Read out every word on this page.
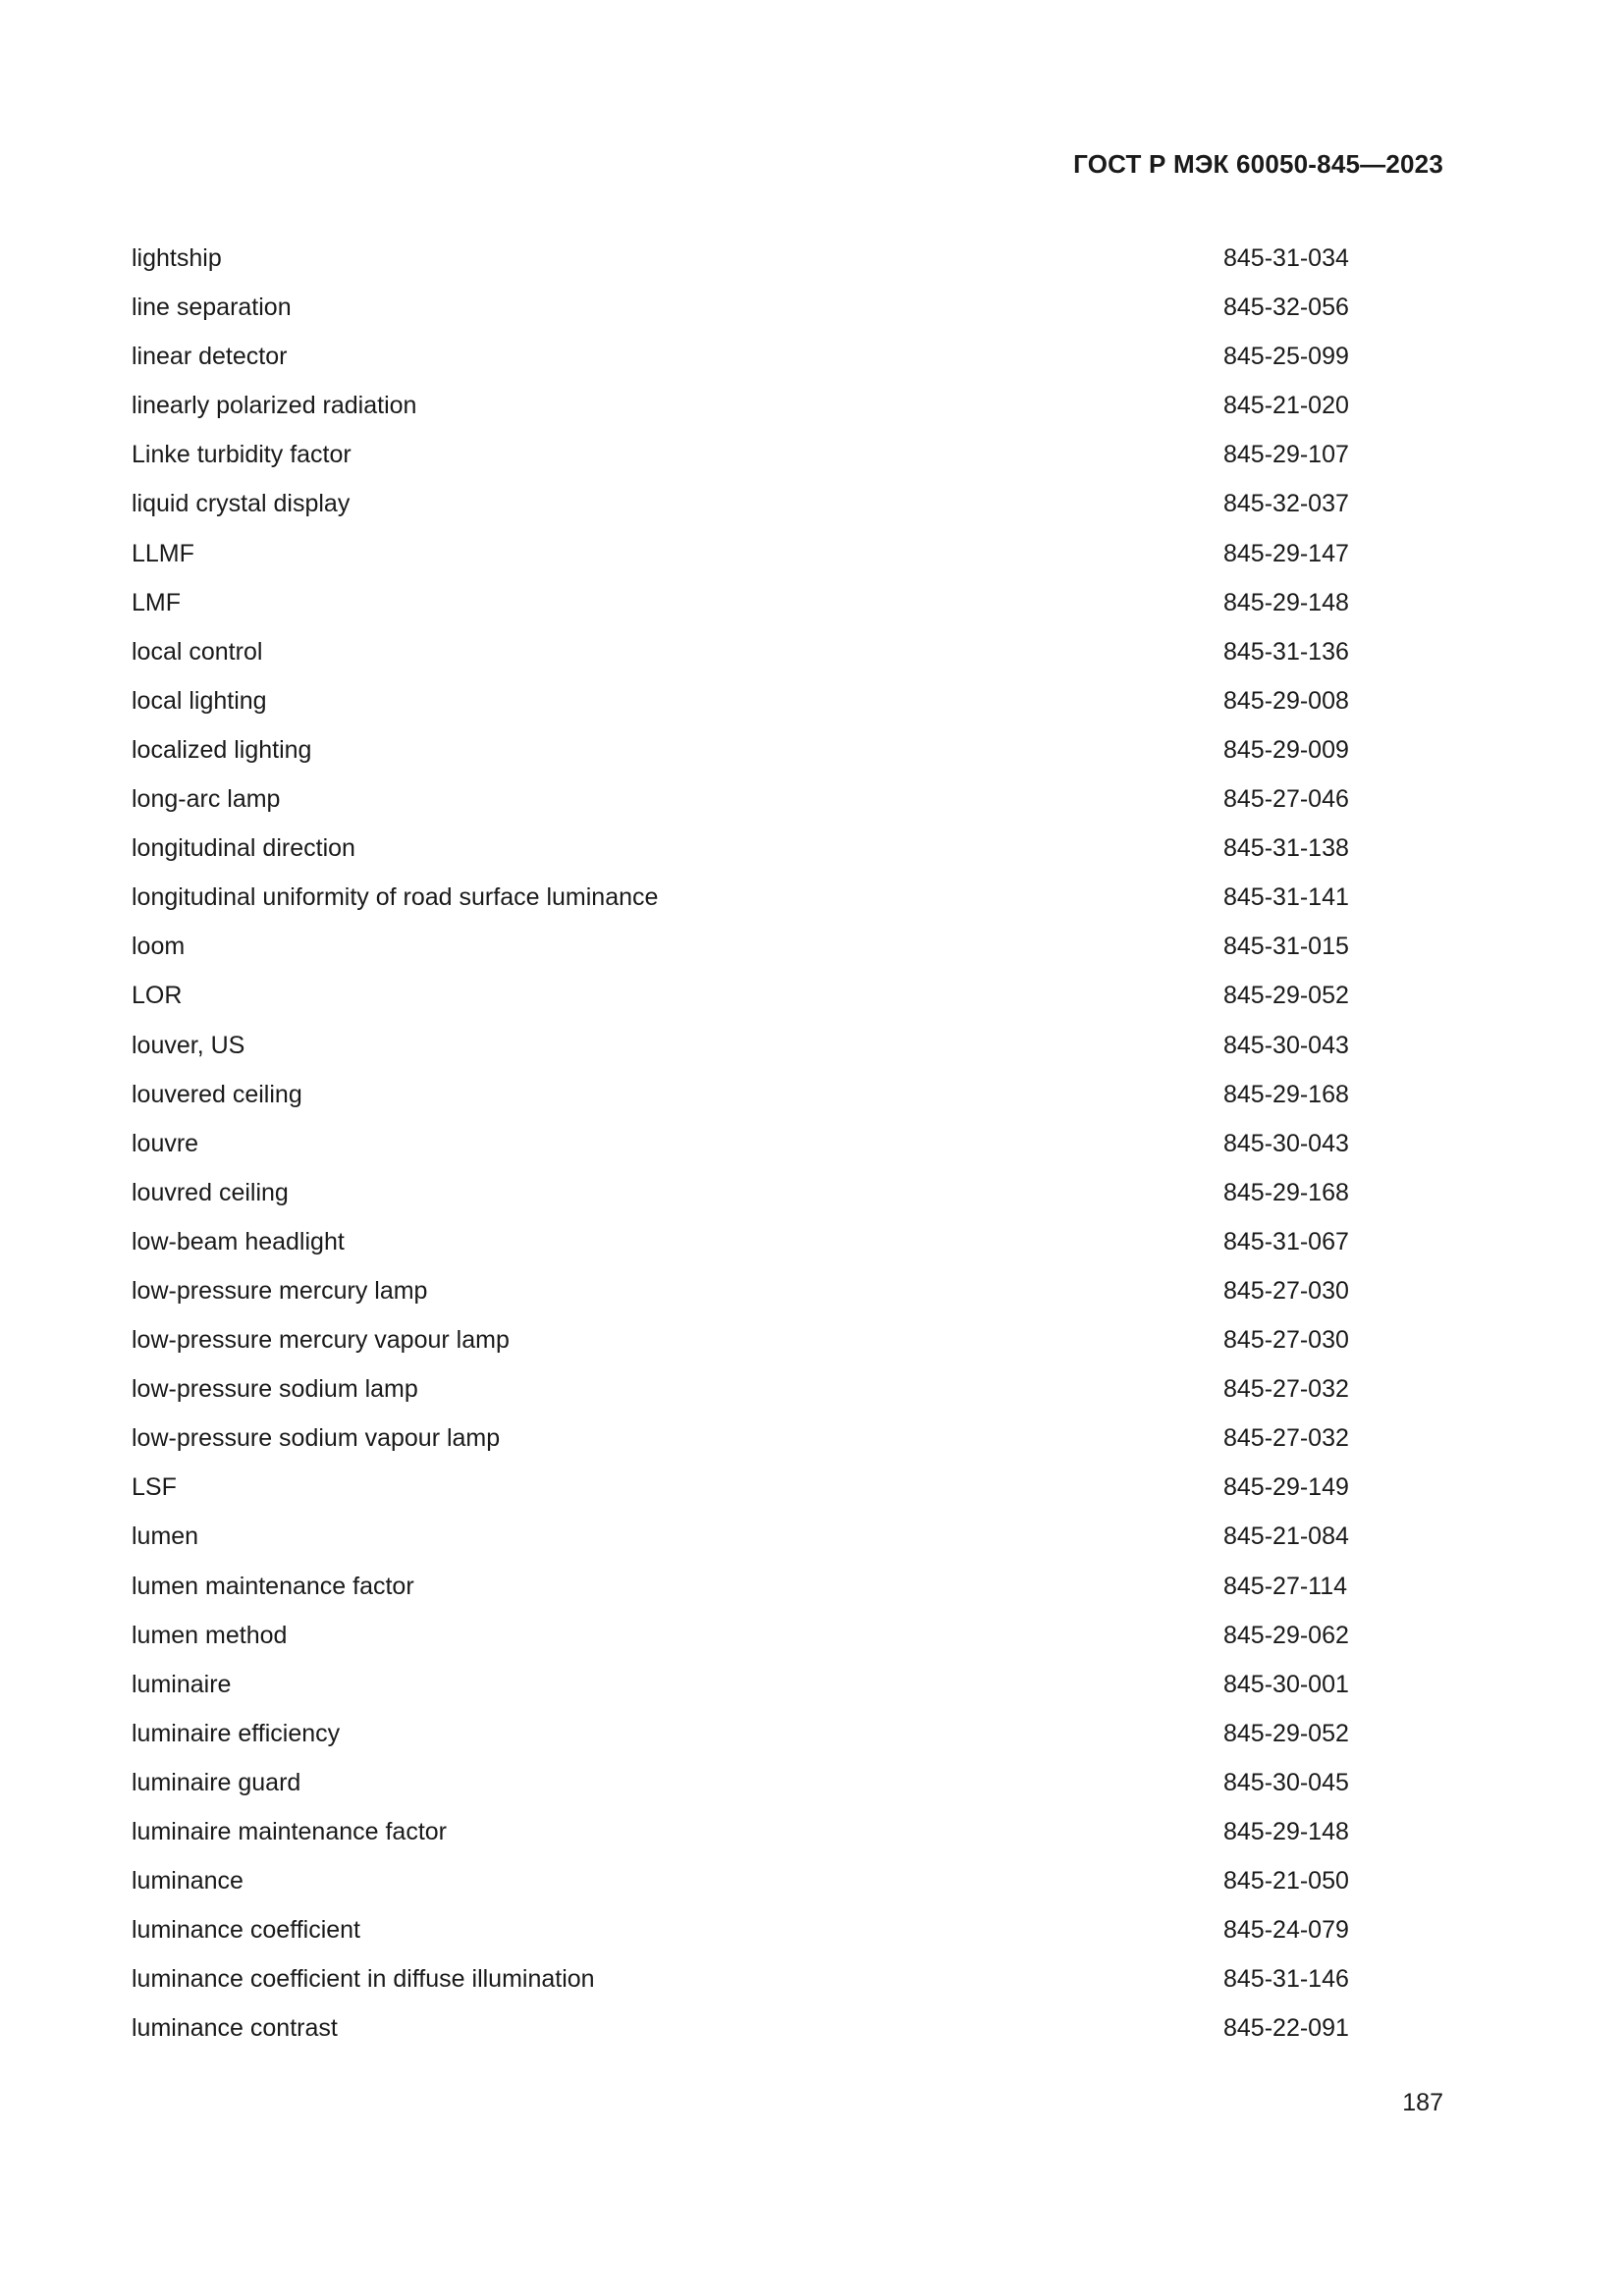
ГОСТ Р МЭК 60050-845—2023
lightship	845-31-034
line separation	845-32-056
linear detector	845-25-099
linearly polarized radiation	845-21-020
Linke turbidity factor	845-29-107
liquid crystal display	845-32-037
LLMF	845-29-147
LMF	845-29-148
local control	845-31-136
local lighting	845-29-008
localized lighting	845-29-009
long-arc lamp	845-27-046
longitudinal direction	845-31-138
longitudinal uniformity of road surface luminance	845-31-141
loom	845-31-015
LOR	845-29-052
louver, US	845-30-043
louvered ceiling	845-29-168
louvre	845-30-043
louvred ceiling	845-29-168
low-beam headlight	845-31-067
low-pressure mercury lamp	845-27-030
low-pressure mercury vapour lamp	845-27-030
low-pressure sodium lamp	845-27-032
low-pressure sodium vapour lamp	845-27-032
LSF	845-29-149
lumen	845-21-084
lumen maintenance factor	845-27-114
lumen method	845-29-062
luminaire	845-30-001
luminaire efficiency	845-29-052
luminaire guard	845-30-045
luminaire maintenance factor	845-29-148
luminance	845-21-050
luminance coefficient	845-24-079
luminance coefficient in diffuse illumination	845-31-146
luminance contrast	845-22-091
187
